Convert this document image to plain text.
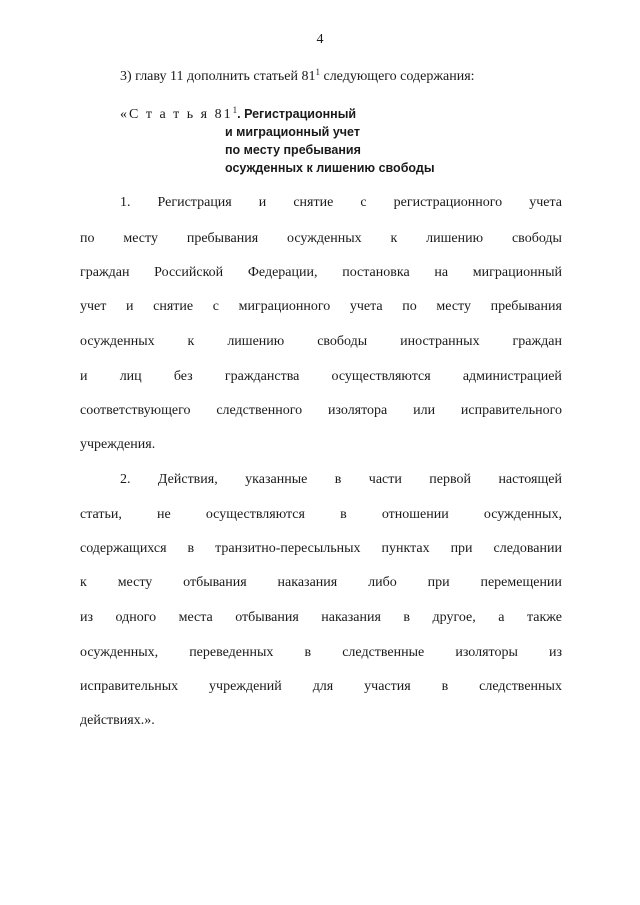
4
3) главу 11 дополнить статьей $81^1$ следующего содержания:
«С т а т ь я $81^1$. Регистрационный
и миграционный учет
по месту пребывания
осужденных к лишению свободы
1. Регистрация и снятие с регистрационного учета
по месту пребывания осужденных к лишению свободы
граждан Российской Федерации, постановка на миграционный
учет и снятие с миграционного учета по месту пребывания
осужденных к лишению свободы иностранных граждан
и лиц без гражданства осуществляются администрацией
соответствующего следственного изолятора или исправительного
учреждения.
2. Действия, указанные в части первой настоящей
статьи,	не	осуществляются	в	отношении	осужденных,
содержащихся в транзитно-пересыльных пунктах при следовании
к месту отбывания наказания либо при перемещении
из одного места отбывания наказания в другое, а также
осужденных, переведенных в следственные изоляторы из
исправительных учреждений для участия в следственных
действиях.».
